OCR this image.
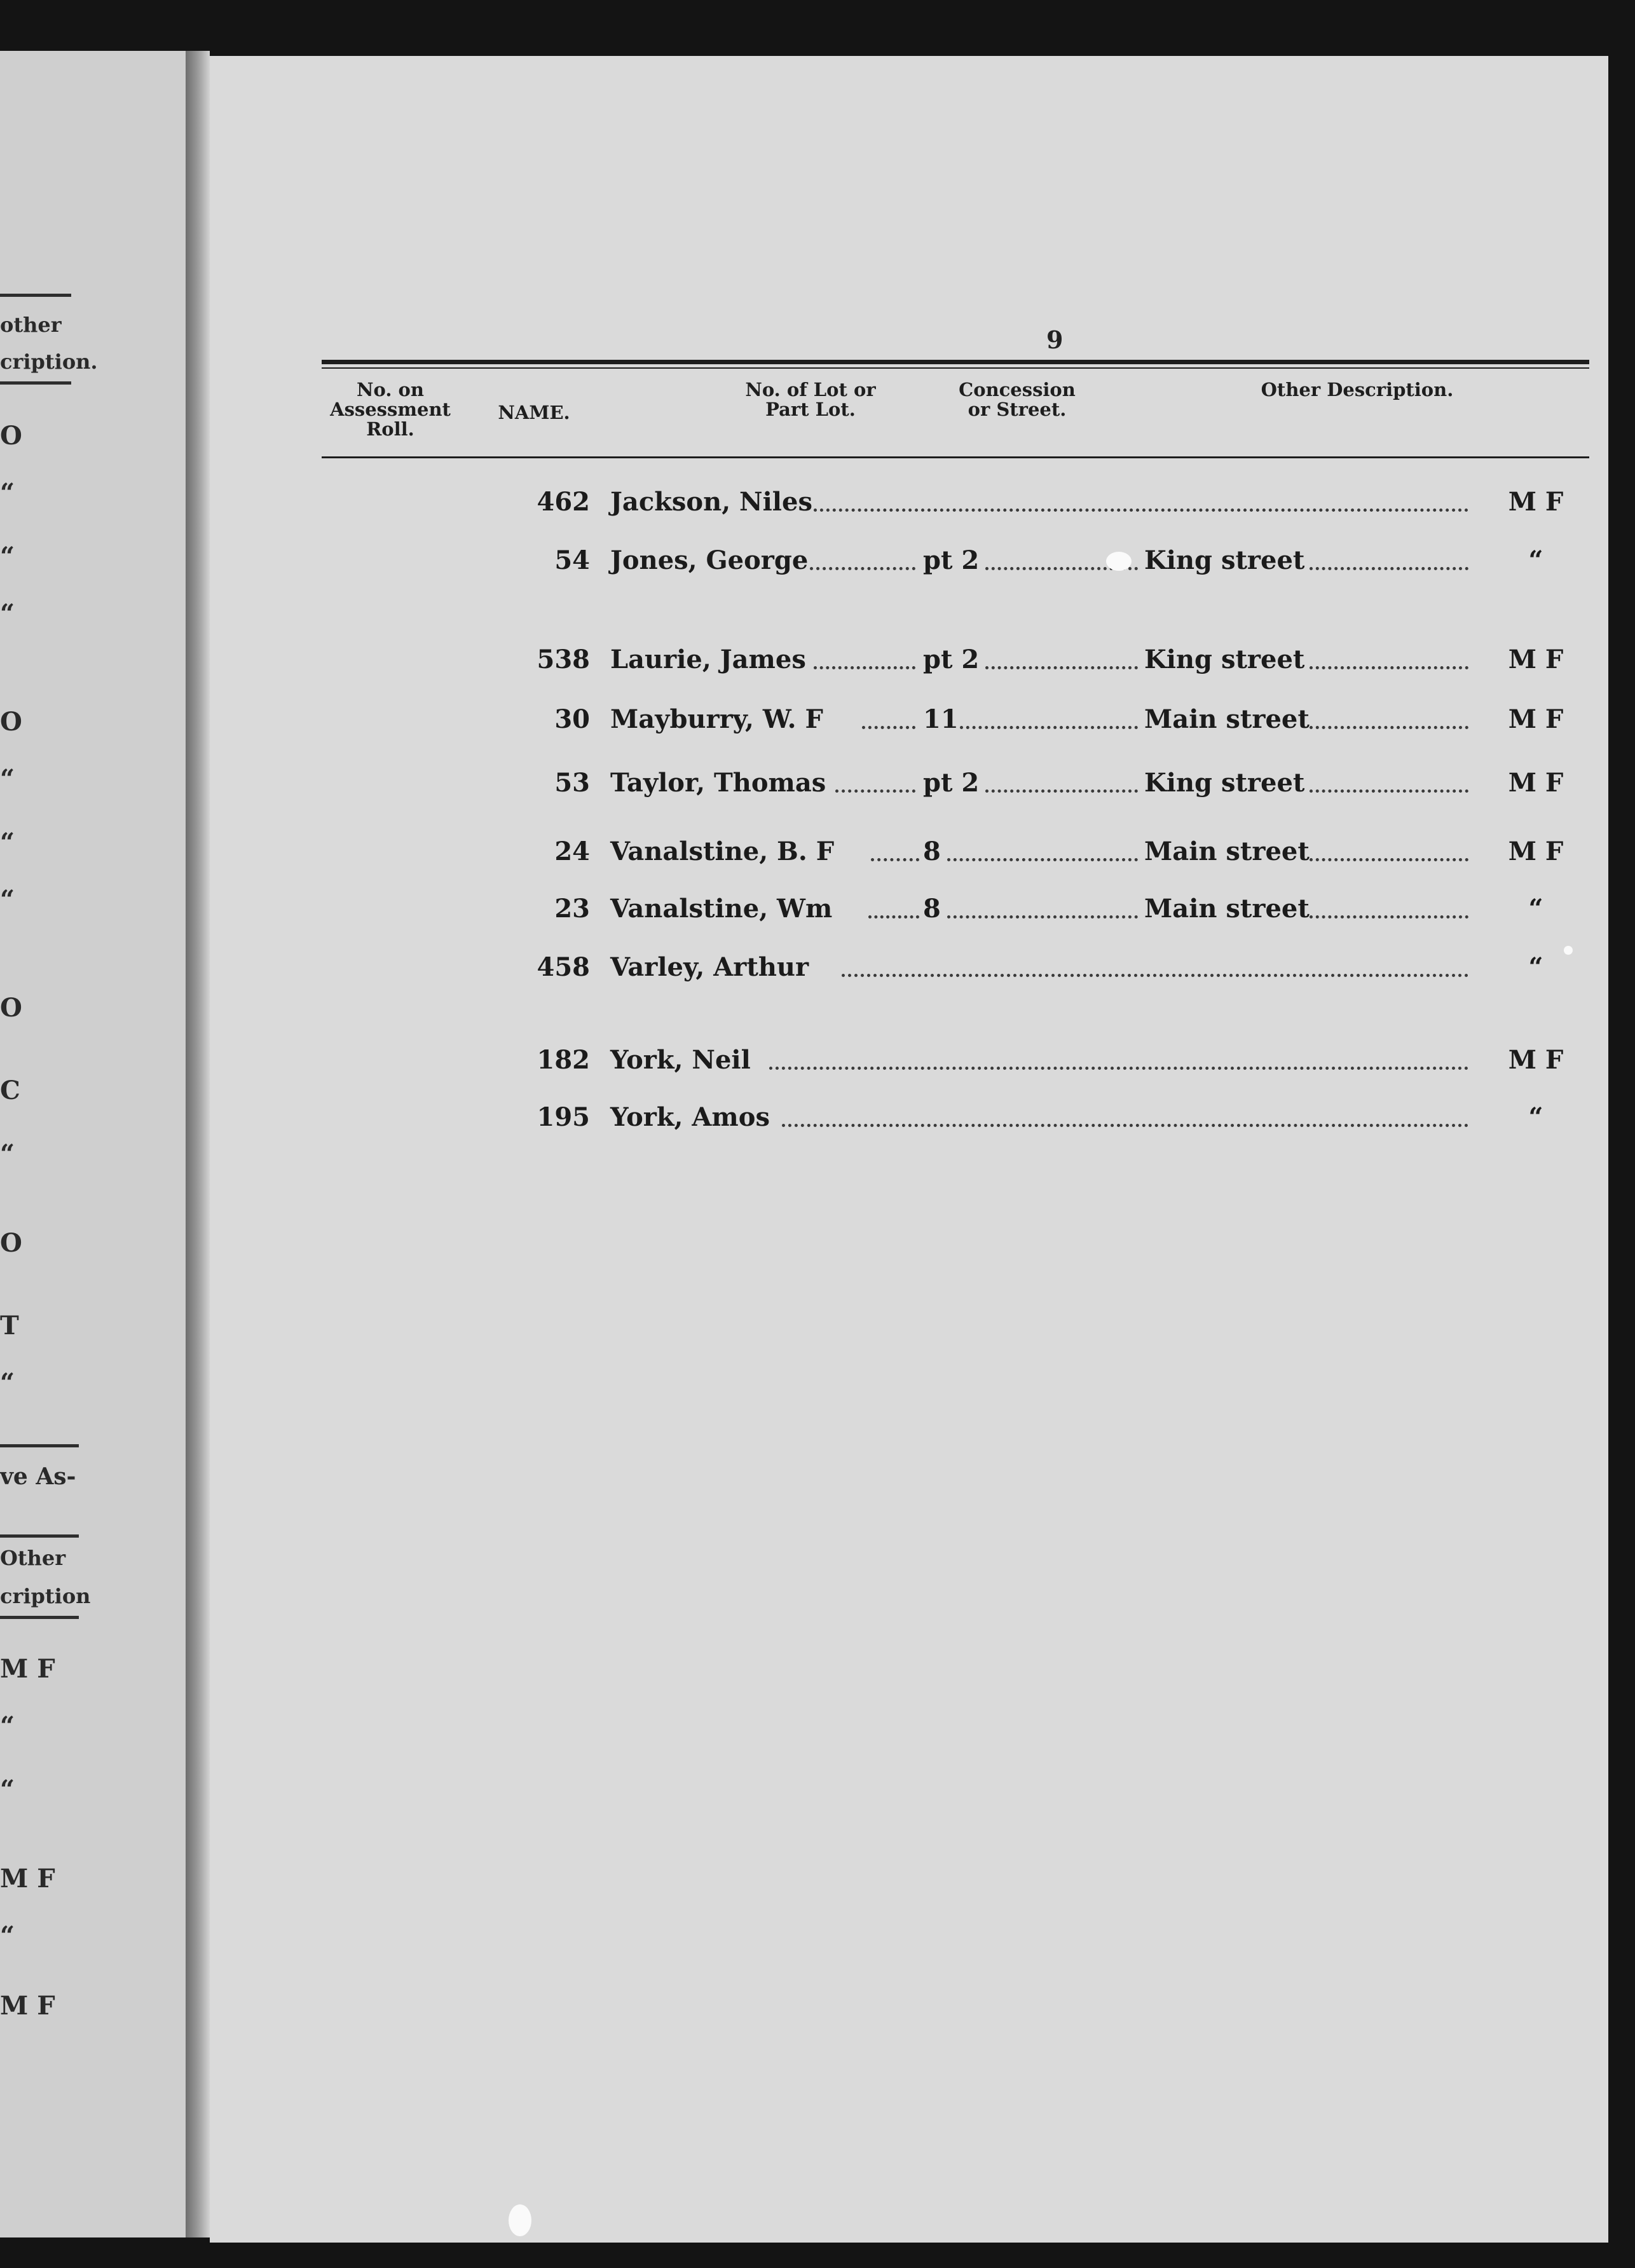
other
cription.
O
“
“
“
O
“
“
“
O
C
“
O
T
“
ve As-
Other
cription
M F
“
“
M F
“
M F
9
No. on Assessment Roll.
NAME.
No. of Lot or Part Lot.
Concession or Street.
Other Description.
462 Jackson, Niles	M F
54 Jones, George	pt 2	King street	“
538 Laurie, James	pt 2	King street	M F
30 Mayburry, W. F	11	Main street	M F
53 Taylor, Thomas	pt 2	King street	M F
24 Vanalstine, B. F	8	Main street	M F
23 Vanalstine, Wm	8	Main street	“
458 Varley, Arthur	“
182 York, Neil	M F
195 York, Amos	“
